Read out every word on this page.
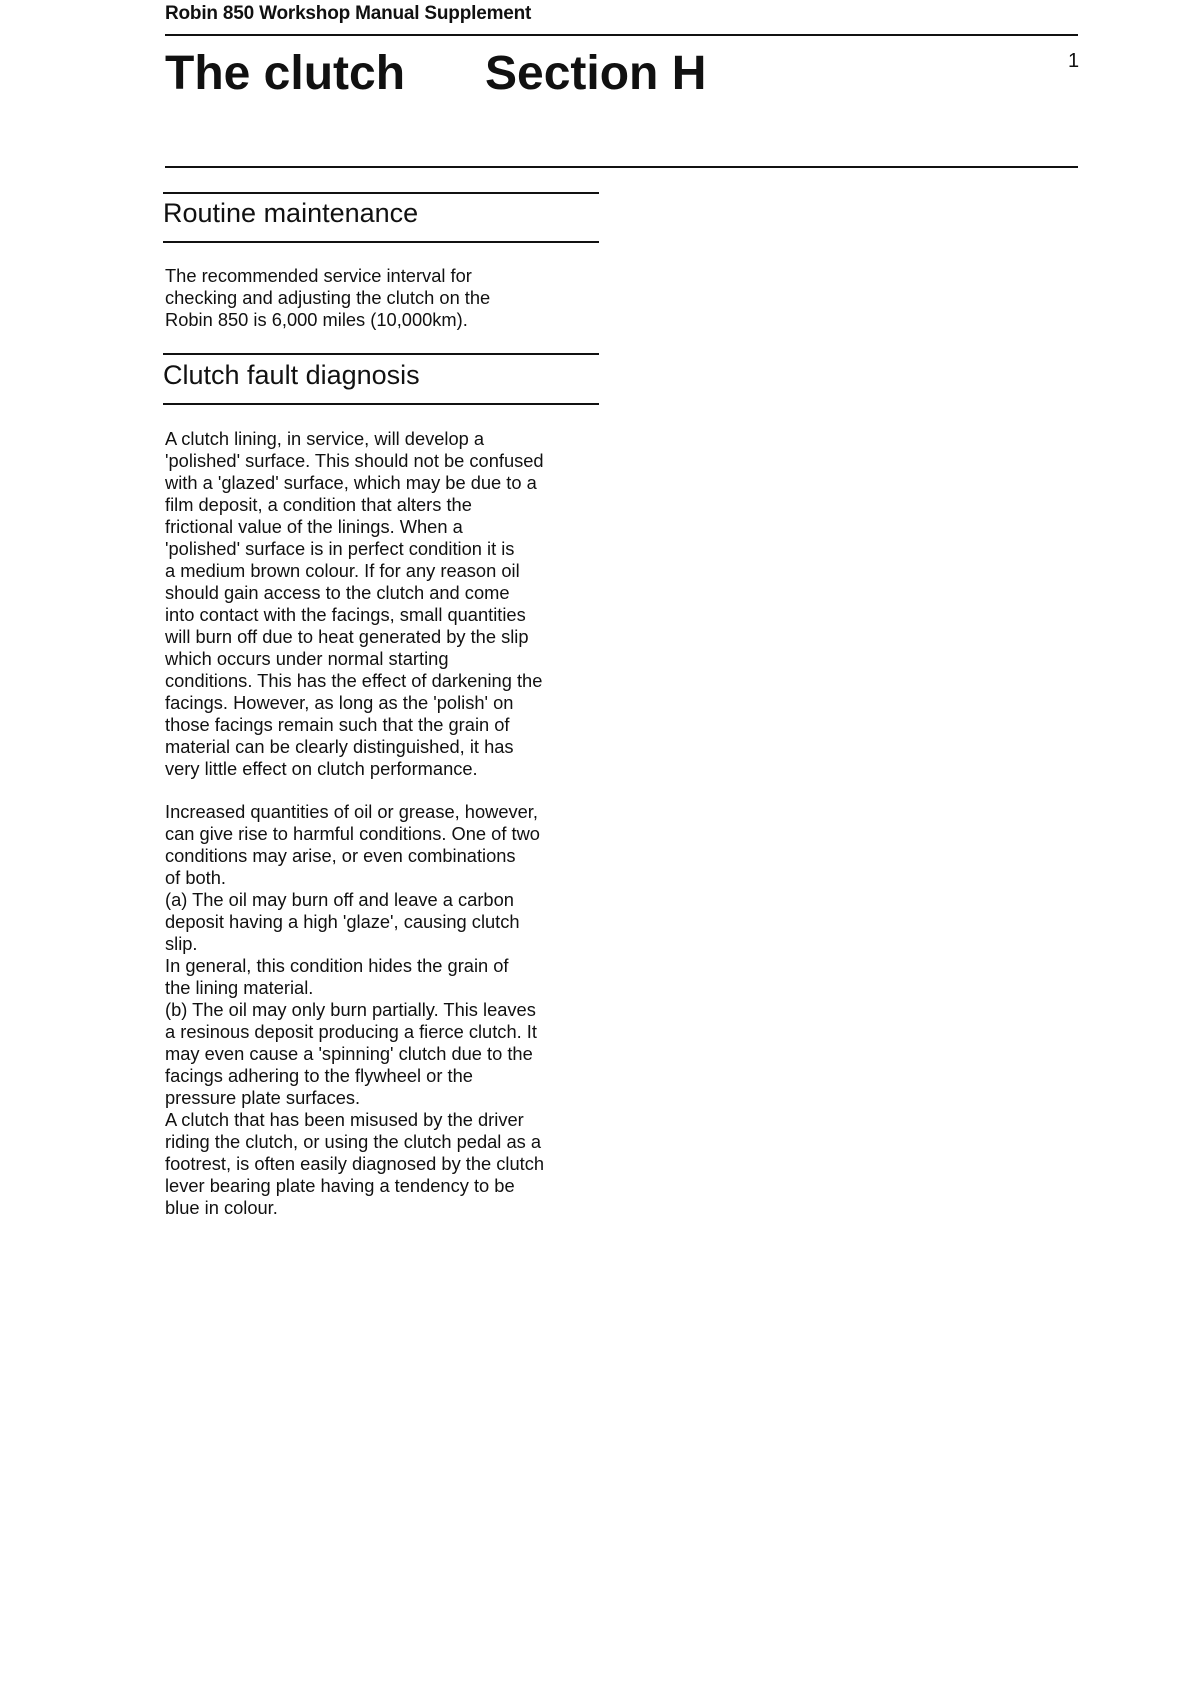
Robin 850 Workshop Manual Supplement
The clutch Section H	1
Routine maintenance

The recommended service interval for
checking and adjusting the clutch on the
Robin 850 is 6,000 miles (10,000km).

Clutch fault diagnosis

A clutch lining, in service, will develop a
'polished' surface. This should not be confused
with a 'glazed' surface, which may be due to a
film deposit, a condition that alters the
frictional value of the linings. When a
'polished' surface is in perfect condition it is
a medium brown colour. If for any reason oil
should gain access to the clutch and come
into contact with the facings, small quantities
will burn off due to heat generated by the slip
which occurs under normal starting
conditions. This has the effect of darkening the
facings. However, as long as the 'polish' on
those facings remain such that the grain of
material can be clearly distinguished, it has
very little effect on clutch performance.

Increased quantities of oil or grease, however,
can give rise to harmful conditions. One of two
conditions may arise, or even combinations
of both.
(a) The oil may burn off and leave a carbon
deposit having a high 'glaze', causing clutch
slip.
In general, this condition hides the grain of
the lining material.
(b) The oil may only burn partially. This leaves
a resinous deposit producing a fierce clutch. It
may even cause a 'spinning' clutch due to the
facings adhering to the flywheel or the
pressure plate surfaces.
A clutch that has been misused by the driver
riding the clutch, or using the clutch pedal as a
footrest, is often easily diagnosed by the clutch
lever bearing plate having a tendency to be
blue in colour.
